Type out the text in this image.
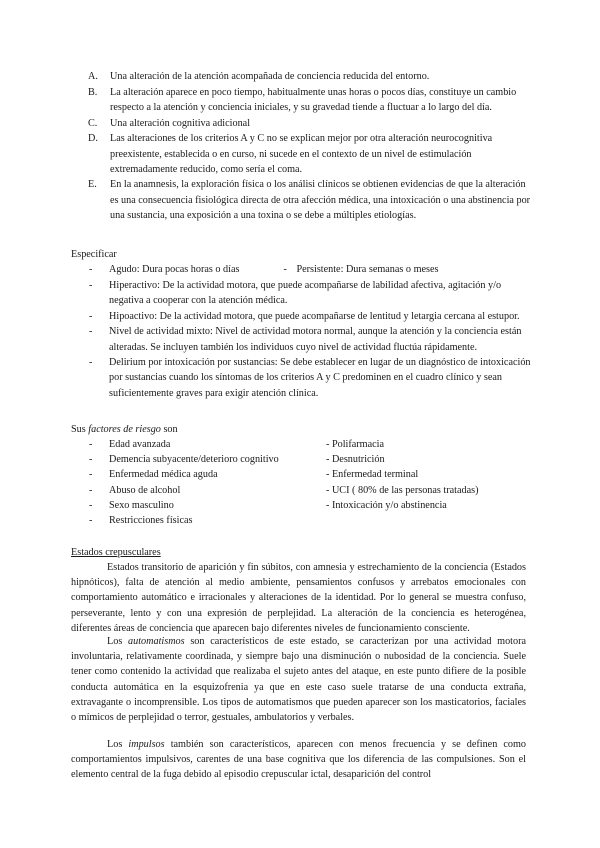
A. Una alteración de la atención acompañada de conciencia reducida del entorno.
B. La alteración aparece en poco tiempo, habitualmente unas horas o pocos días, constituye un cambio respecto a la atención y conciencia iniciales, y su gravedad tiende a fluctuar a lo largo del día.
C. Una alteración cognitiva adicional
D. Las alteraciones de los criterios A y C no se explican mejor por otra alteración neurocognitiva preexistente, establecida o en curso, ni sucede en el contexto de un nivel de estimulación extremadamente reducido, como sería el coma.
E. En la anamnesis, la exploración física o los análisi clínicos se obtienen evidencias de que la alteración es una consecuencia fisiológica directa de otra afección médica, una intoxicación o una abstinencia por una sustancia, una exposición a una toxina o se debe a múltiples etiologías.
Especificar
- Agudo: Dura pocas horas o días	- Persistente: Dura semanas o meses
- Hiperactivo: De la actividad motora, que puede acompañarse de labilidad afectiva, agitación y/o negativa a cooperar con la atención médica.
- Hipoactivo: De la actividad motora, que puede acompañarse de lentitud y letargia cercana al estupor.
- Nivel de actividad mixto: Nivel de actividad motora normal, aunque la atención y la conciencia están alteradas. Se incluyen también los individuos cuyo nivel de actividad fluctúa rápidamente.
- Delirium por intoxicación por sustancias: Se debe establecer en lugar de un diagnóstico de intoxicación por sustancias cuando los síntomas de los criterios A y C predominen en el cuadro clínico y sean suficientemente graves para exigir atención clínica.
Sus factores de riesgo son
- Edad avanzada	- Polifarmacia
- Demencia subyacente/deterioro cognitivo	- Desnutrición
- Enfermedad médica aguda	- Enfermedad terminal
- Abuso de alcohol	- UCI ( 80% de las personas tratadas)
- Sexo masculino	- Intoxicación y/o abstinencia
- Restricciones físicas
Estados crepusculares
Estados transitorio de aparición y fin súbitos, con amnesia y estrechamiento de la conciencia (Estados hipnóticos), falta de atención al medio ambiente, pensamientos confusos y arrebatos emocionales con comportamiento automático e irracionales y alteraciones de la identidad. Por lo general se muestra confuso, perseverante, lento y con una expresión de perplejidad. La alteración de la conciencia es heterogénea, diferentes áreas de conciencia que aparecen bajo diferentes niveles de funcionamiento consciente.
Los automatismos son característicos de este estado, se caracterizan por una actividad motora involuntaria, relativamente coordinada, y siempre bajo una disminución o nubosidad de la conciencia. Suele tener como contenido la actividad que realizaba el sujeto antes del ataque, en este punto difiere de la posible conducta automática en la esquizofrenia ya que en este caso suele tratarse de una conducta extraña, extravagante o incomprensible. Los tipos de automatismos que pueden aparecer son los masticatorios, faciales o mímicos de perplejidad o terror, gestuales, ambulatorios y verbales.
Los impulsos también son característicos, aparecen con menos frecuencia y se definen como comportamientos impulsivos, carentes de una base cognitiva que los diferencia de las compulsiones. Son el elemento central de la fuga debido al episodio crepuscular ictal, desaparición del control
